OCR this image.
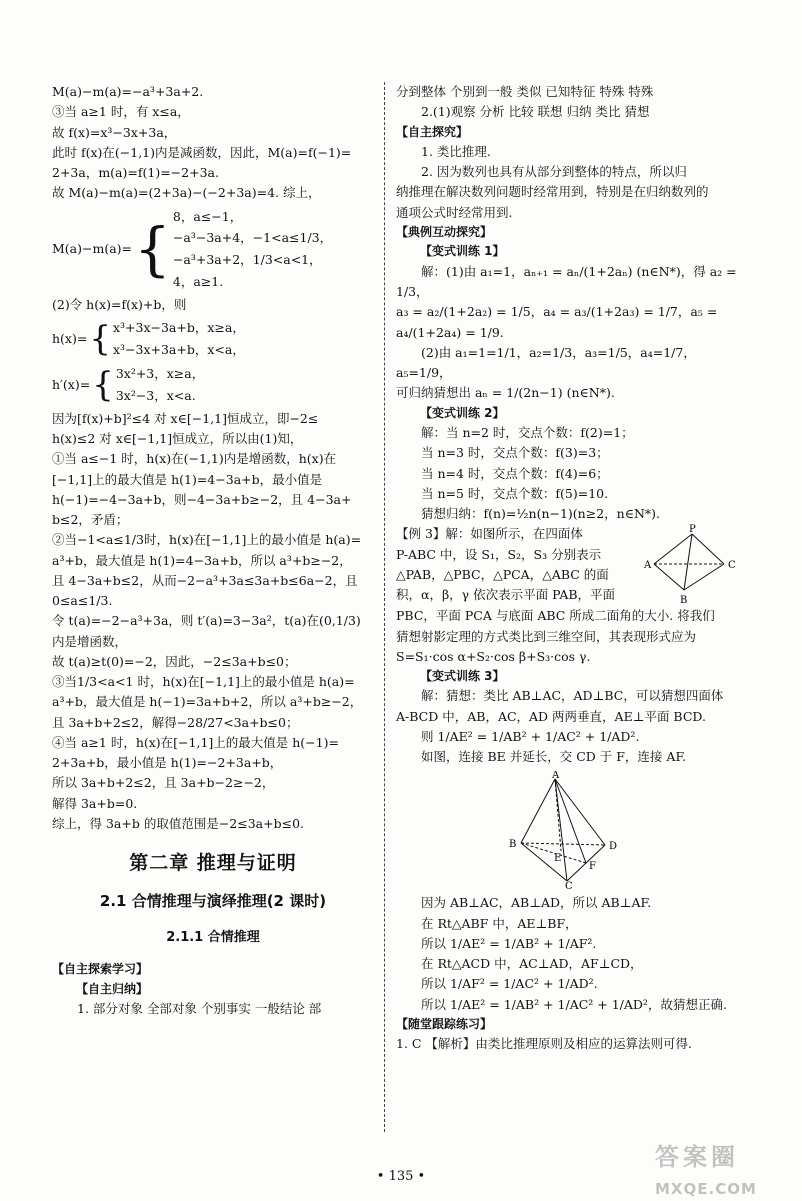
M(a)−m(a)=−a³+3a+2.

③当 a≥1 时，有 x≤a，

故 f(x)=x³−3x+3a，

此时 f(x)在(−1,1)内是减函数，因此，M(a)=f(−1)=

2+3a，m(a)=f(1)=−2+3a.

故 M(a)−m(a)=(2+3a)−(−2+3a)=4. 综上，

M(a)−m(a)= { 8，a≤−1，
−a³−3a+4，−1<a≤1/3，
−a³+3a+2，1/3<a<1，
4，a≥1.

(2)令 h(x)=f(x)+b，则

h(x)= { x³+3x−3a+b，x≥a，
x³−3x+3a+b，x<a，
h′(x)= { 3x²+3，x≥a，
3x²−3，x<a.

因为[f(x)+b]²≤4 对 x∈[−1,1]恒成立，即−2≤

h(x)≤2 对 x∈[−1,1]恒成立，所以由(1)知，

①当 a≤−1 时，h(x)在(−1,1)内是增函数，h(x)在

[−1,1]上的最大值是 h(1)=4−3a+b，最小值是

h(−1)=−4−3a+b，则−4−3a+b≥−2，且 4−3a+

b≤2，矛盾；

②当−1<a≤1/3时，h(x)在[−1,1]上的最小值是 h(a)=

a³+b，最大值是 h(1)=4−3a+b，所以 a³+b≥−2，

且 4−3a+b≤2，从而−2−a³+3a≤3a+b≤6a−2，且

0≤a≤1/3.

令 t(a)=−2−a³+3a，则 t′(a)=3−3a²，t(a)在(0,1/3)

内是增函数，

故 t(a)≥t(0)=−2，因此，−2≤3a+b≤0；

③当1/3<a<1 时，h(x)在[−1,1]上的最小值是 h(a)=

a³+b，最大值是 h(−1)=3a+b+2，所以 a³+b≥−2，

且 3a+b+2≤2，解得−28/27<3a+b≤0；

④当 a≥1 时，h(x)在[−1,1]上的最大值是 h(−1)=

2+3a+b，最小值是 h(1)=−2+3a+b，

所以 3a+b+2≤2，且 3a+b−2≥−2，

解得 3a+b=0.

综上，得 3a+b 的取值范围是−2≤3a+b≤0.

第二章 推理与证明
2.1 合情推理与演绎推理(2 课时)
2.1.1 合情推理

【自主探索学习】

【自主归纳】

1. 部分对象 全部对象 个别事实 一般结论 部

分到整体 个别到一般 类似 已知特征 特殊 特殊

2.(1)观察 分析 比较 联想 归纳 类比 猜想

【自主探究】

1. 类比推理.

2. 因为数列也具有从部分到整体的特点，所以归

纳推理在解决数列问题时经常用到，特别是在归纳数列的

通项公式时经常用到.

【典例互动探究】

【变式训练 1】

解：(1)由 a₁=1，aₙ₊₁ = aₙ/(1+2aₙ) (n∈N*)，得 a₂ = 1/3，

a₃ = a₂/(1+2a₂) = 1/5，a₄ = a₃/(1+2a₃) = 1/7，a₅ = a₄/(1+2a₄) = 1/9.

(2)由 a₁=1=1/1，a₂=1/3，a₃=1/5，a₄=1/7，a₅=1/9，

可归纳猜想出 aₙ = 1/(2n−1) (n∈N*).

【变式训练 2】

解：当 n=2 时，交点个数：f(2)=1；

当 n=3 时，交点个数：f(3)=3；

当 n=4 时，交点个数：f(4)=6；

当 n=5 时，交点个数：f(5)=10.

猜想归纳：f(n)=½n(n−1)(n≥2，n∈N*).

【例 3】解：如图所示，在四面体

P-ABC 中，设 S₁，S₂，S₃ 分别表示

△PAB，△PBC，△PCA，△ABC 的面

积，α，β，γ 依次表示平面 PAB，平面

P
A
B
C

PBC，平面 PCA 与底面 ABC 所成二面角的大小. 将我们

猜想射影定理的方式类比到三维空间，其表现形式应为

S=S₁·cos α+S₂·cos β+S₃·cos γ.

【变式训练 3】

解：猜想：类比 AB⊥AC，AD⊥BC，可以猜想四面体

A-BCD 中，AB，AC，AD 两两垂直，AE⊥平面 BCD.

则 1/AE² = 1/AB² + 1/AC² + 1/AD².

如图，连接 BE 并延长，交 CD 于 F，连接 AF.

A
B
C
D
E
F

因为 AB⊥AC，AB⊥AD，所以 AB⊥AF.

在 Rt△ABF 中，AE⊥BF，

所以 1/AE² = 1/AB² + 1/AF².

在 Rt△ACD 中，AC⊥AD，AF⊥CD，

所以 1/AF² = 1/AC² + 1/AD².

所以 1/AE² = 1/AB² + 1/AC² + 1/AD²，故猜想正确.

【随堂跟踪练习】

1. C 【解析】由类比推理原则及相应的运算法则可得.

• 135 •
答案圈
MXQE.COM
